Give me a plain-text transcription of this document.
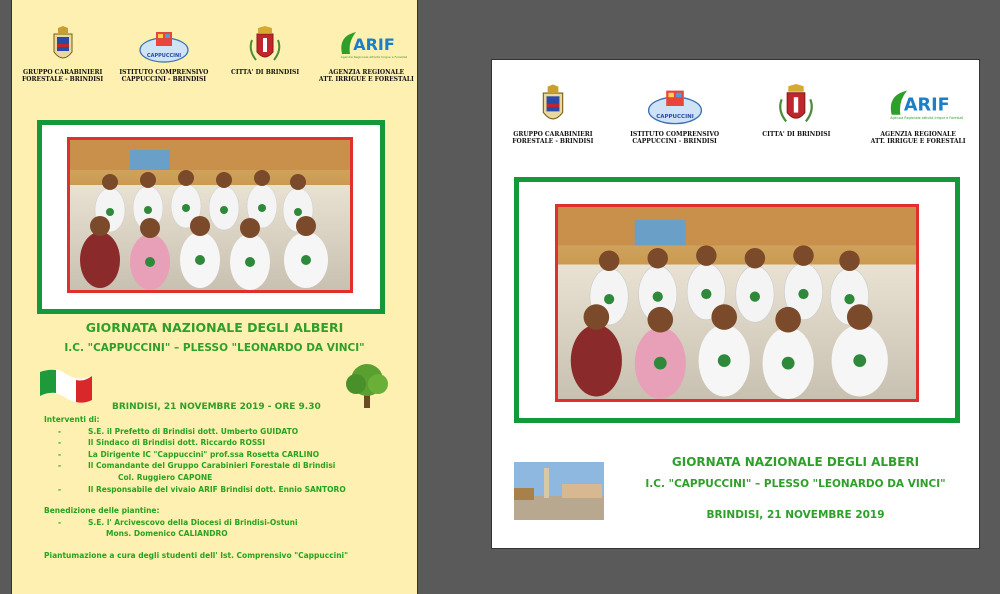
GRUPPO CARABINIERI
FORESTALE - BRINDISI
CAPPUCCINI
ISTITUTO COMPRENSIVO
CAPPUCCINI - BRINDISI
CITTA' DI BRINDISI
ARIF
Agenzia Regionale attività Irrigue e Forestali
AGENZIA REGIONALE
ATT. IRRIGUE E FORESTALI
GIORNATA NAZIONALE DEGLI ALBERI
I.C. "CAPPUCCINI" – PLESSO "LEONARDO DA VINCI"
BRINDISI, 21 NOVEMBRE 2019 - ORE 9.30
Interventi di:
-	S.E. il Prefetto di Brindisi dott. Umberto GUIDATO
-	Il Sindaco di Brindisi dott. Riccardo ROSSI
-	La Dirigente IC "Cappuccini" prof.ssa Rosetta CARLINO
-	Il Comandante del Gruppo Carabinieri Forestale di Brindisi
Col. Ruggiero CAPONE
-	Il Responsabile del vivaio ARIF Brindisi dott. Ennio SANTORO
Benedizione delle piantine:
-	S.E. l' Arcivescovo della Diocesi di Brindisi-Ostuni
Mons. Domenico CALIANDRO
Piantumazione a cura degli studenti dell' Ist. Comprensivo "Cappuccini"
GRUPPO CARABINIERI
FORESTALE - BRINDISI
CAPPUCCINI
ISTITUTO COMPRENSIVO
CAPPUCCINI - BRINDISI
CITTA' DI BRINDISI
ARIF
Agenzia Regionale attività Irrigue e Forestali
AGENZIA REGIONALE
ATT. IRRIGUE E FORESTALI
GIORNATA NAZIONALE DEGLI ALBERI
I.C. "CAPPUCCINI" – PLESSO "LEONARDO DA VINCI"
BRINDISI, 21 NOVEMBRE 2019
